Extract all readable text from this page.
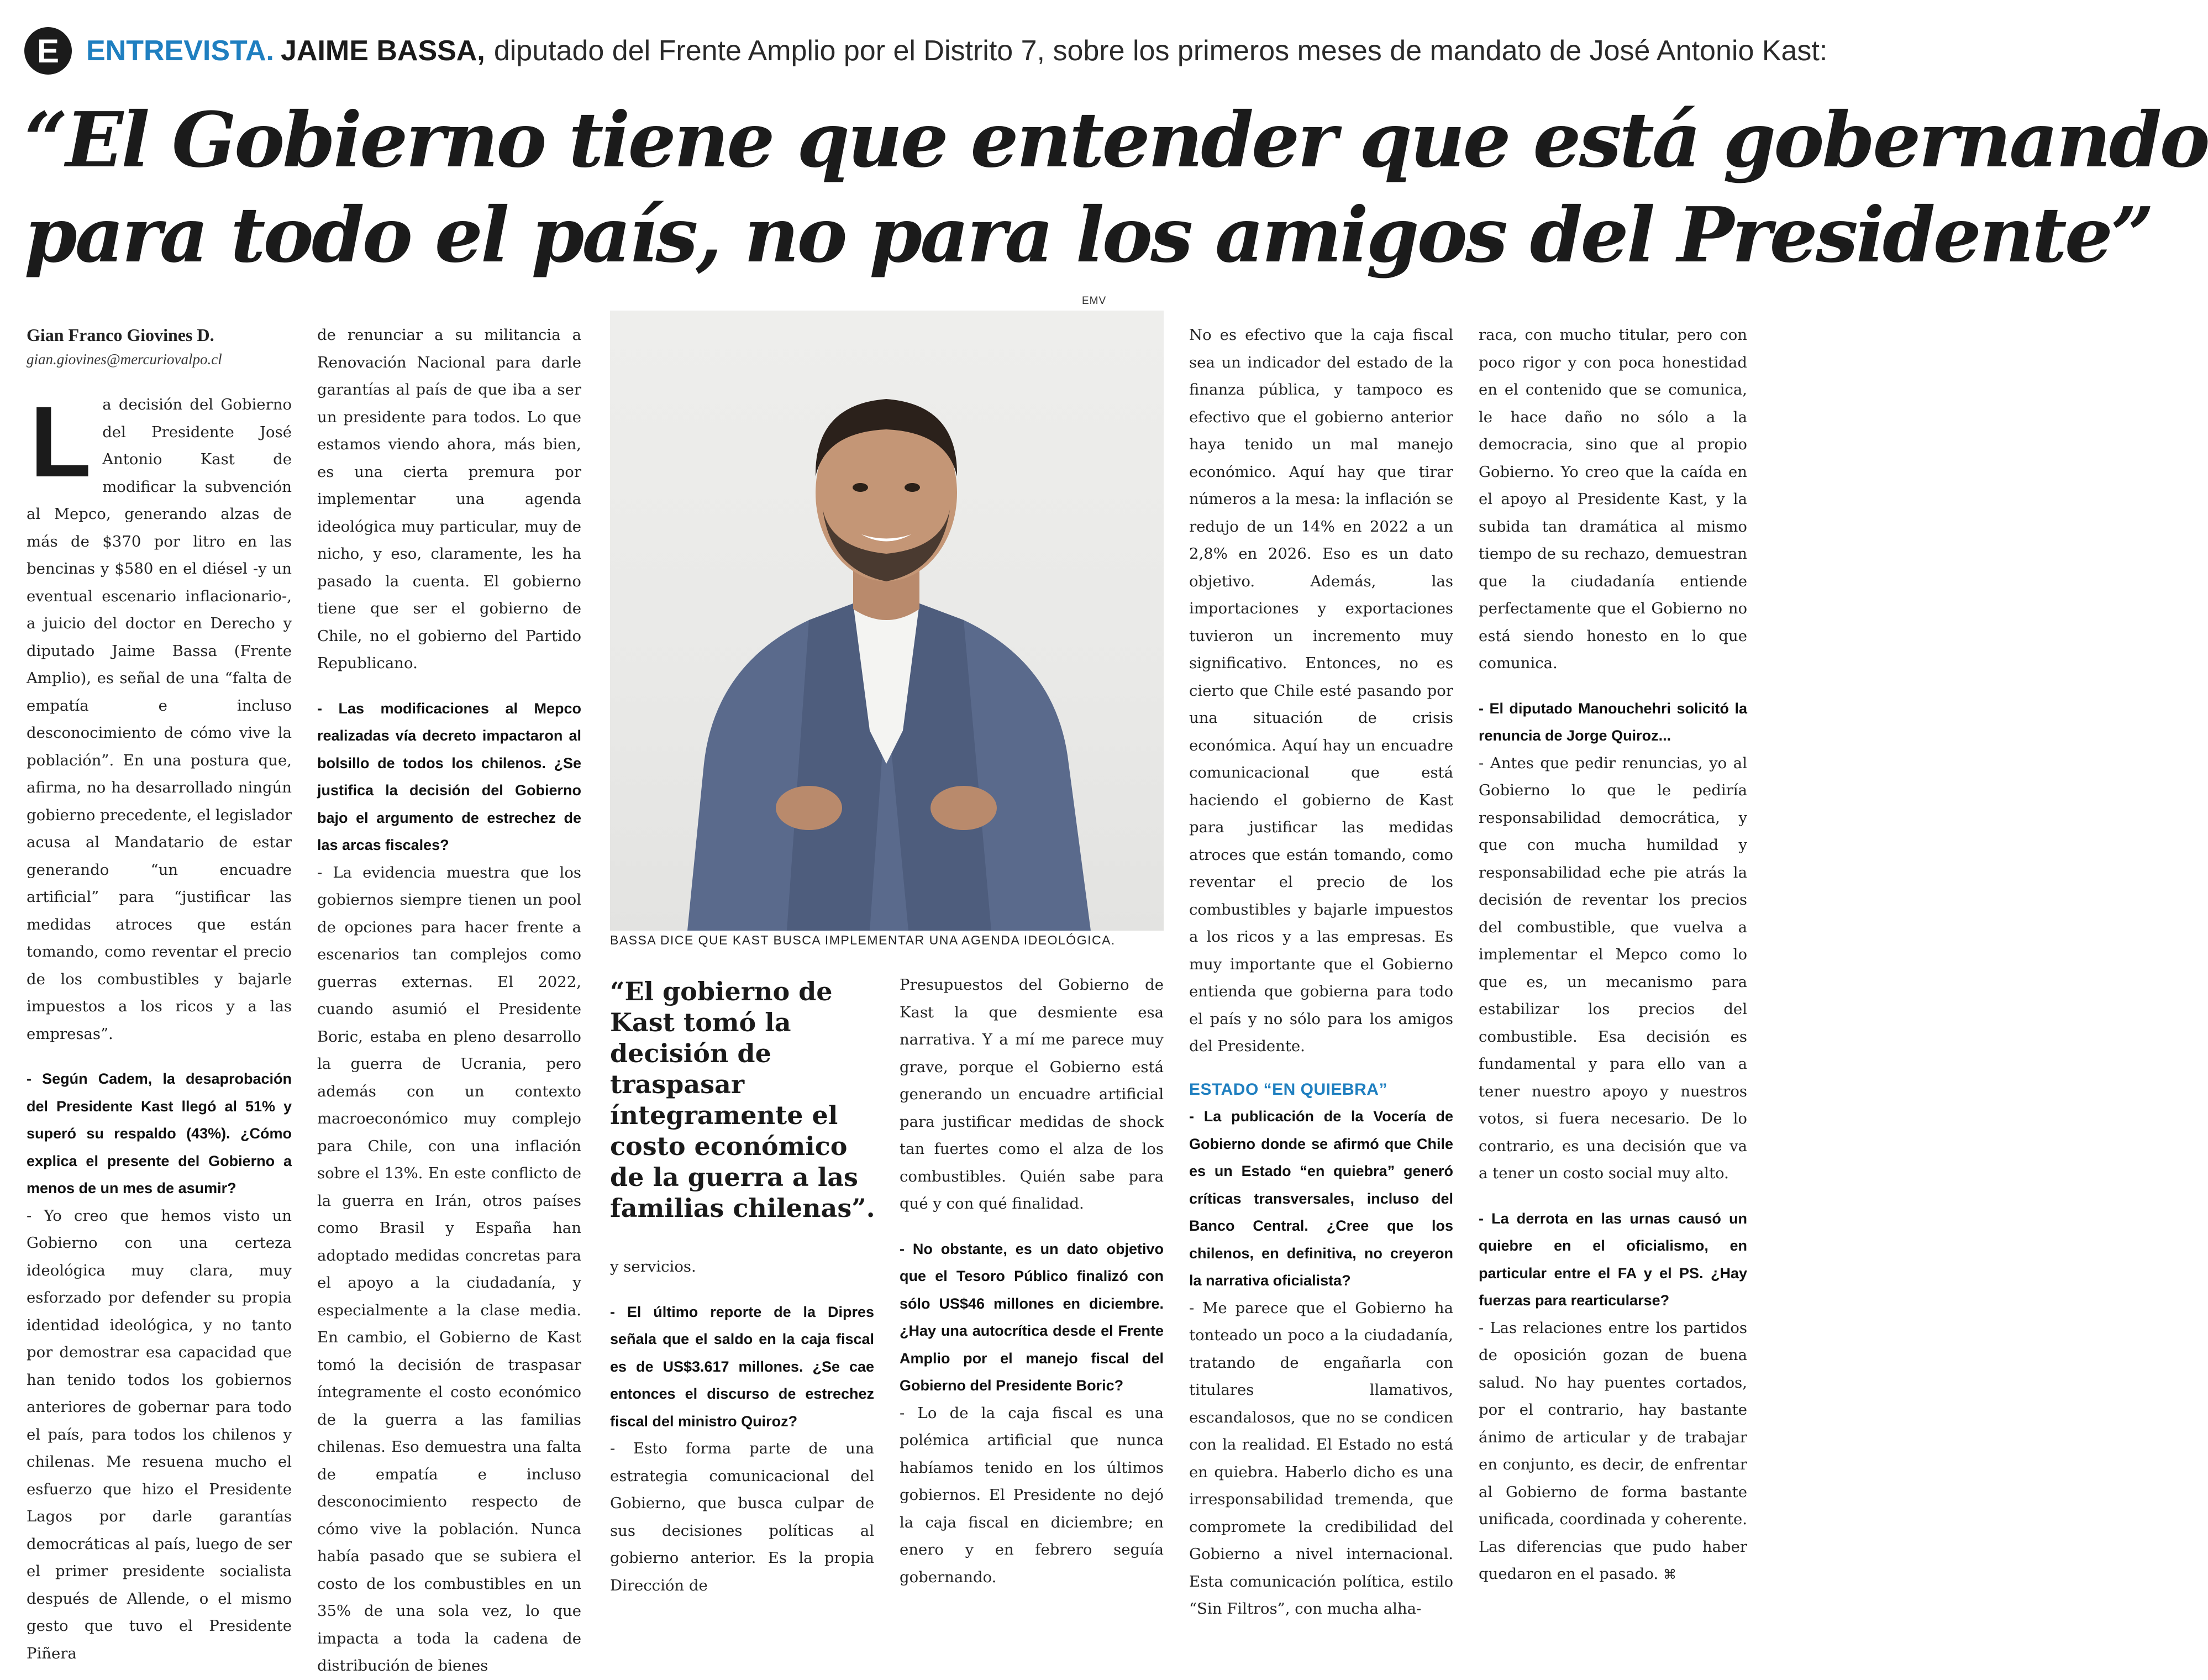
E ENTREVISTA. JAIME BASSA, diputado del Frente Amplio por el Distrito 7, sobre los primeros meses de mandato de José Antonio Kast:
“El Gobierno tiene que entender que está gobernando
para todo el país, no para los amigos del Presidente”
Gian Franco Giovines D.
gian.giovines@mercuriovalpo.cl

La decisión del Gobierno del Presidente José Antonio Kast de modificar la subvención al Mepco, generando alzas de más de $370 por litro en las bencinas y $580 en el diésel -y un eventual escenario inflacionario-, a juicio del doctor en Derecho y diputado Jaime Bassa (Frente Amplio), es señal de una “falta de empatía e incluso desconocimiento de cómo vive la población”. En una postura que, afirma, no ha desarrollado ningún gobierno precedente, el legislador acusa al Mandatario de estar generando “un encuadre artificial” para “justificar las medidas atroces que están tomando, como reventar el precio de los combustibles y bajarle impuestos a los ricos y a las empresas”.

- Según Cadem, la desaprobación del Presidente Kast llegó al 51% y superó su respaldo (43%). ¿Cómo explica el presente del Gobierno a menos de un mes de asumir?

- Yo creo que hemos visto un Gobierno con una certeza ideológica muy clara, muy esforzado por defender su propia identidad ideológica, y no tanto por demostrar esa capacidad que han tenido todos los gobiernos anteriores de gobernar para todo el país, para todos los chilenos y chilenas. Me resuena mucho el esfuerzo que hizo el Presidente Lagos por darle garantías democráticas al país, luego de ser el primer presidente socialista después de Allende, o el mismo gesto que tuvo el Presidente Piñera

de renunciar a su militancia a Renovación Nacional para darle garantías al país de que iba a ser un presidente para todos. Lo que estamos viendo ahora, más bien, es una cierta premura por implementar una agenda ideológica muy particular, muy de nicho, y eso, claramente, les ha pasado la cuenta. El gobierno tiene que ser el gobierno de Chile, no el gobierno del Partido Republicano.

- Las modificaciones al Mepco realizadas vía decreto impactaron al bolsillo de todos los chilenos. ¿Se justifica la decisión del Gobierno bajo el argumento de estrechez de las arcas fiscales?

- La evidencia muestra que los gobiernos siempre tienen un pool de opciones para hacer frente a escenarios tan complejos como guerras externas. El 2022, cuando asumió el Presidente Boric, estaba en pleno desarrollo la guerra de Ucrania, pero además con un contexto macroeconómico muy complejo para Chile, con una inflación sobre el 13%. En este conflicto de la guerra en Irán, otros países como Brasil y España han adoptado medidas concretas para el apoyo a la ciudadanía, y especialmente a la clase media. En cambio, el Gobierno de Kast tomó la decisión de traspasar íntegramente el costo económico de la guerra a las familias chilenas. Eso demuestra una falta de empatía e incluso desconocimiento respecto de cómo vive la población. Nunca había pasado que se subiera el costo de los combustibles en un 35% de una sola vez, lo que impacta a toda la cadena de distribución de bienes

EMV
BASSA DICE QUE KAST BUSCA IMPLEMENTAR UNA AGENDA IDEOLÓGICA.
“El gobierno de Kast tomó la decisión de traspasar íntegramente el costo económico de la guerra a las familias chilenas”.

y servicios.

- El último reporte de la Dipres señala que el saldo en la caja fiscal es de US$3.617 millones. ¿Se cae entonces el discurso de estrechez fiscal del ministro Quiroz?

- Esto forma parte de una estrategia comunicacional del Gobierno, que busca culpar de sus decisiones políticas al gobierno anterior. Es la propia Dirección de

Presupuestos del Gobierno de Kast la que desmiente esa narrativa. Y a mí me parece muy grave, porque el Gobierno está generando un encuadre artificial para justificar medidas de shock tan fuertes como el alza de los combustibles. Quién sabe para qué y con qué finalidad.

- No obstante, es un dato objetivo que el Tesoro Público finalizó con sólo US$46 millones en diciembre. ¿Hay una autocrítica desde el Frente Amplio por el manejo fiscal del Gobierno del Presidente Boric?

- Lo de la caja fiscal es una polémica artificial que nunca habíamos tenido en los últimos gobiernos. El Presidente no dejó la caja fiscal en diciembre; en enero y en febrero seguía gobernando.

No es efectivo que la caja fiscal sea un indicador del estado de la finanza pública, y tampoco es efectivo que el gobierno anterior haya tenido un mal manejo económico. Aquí hay que tirar números a la mesa: la inflación se redujo de un 14% en 2022 a un 2,8% en 2026. Eso es un dato objetivo. Además, las importaciones y exportaciones tuvieron un incremento muy significativo. Entonces, no es cierto que Chile esté pasando por una situación de crisis económica. Aquí hay un encuadre comunicacional que está haciendo el gobierno de Kast para justificar las medidas atroces que están tomando, como reventar el precio de los combustibles y bajarle impuestos a los ricos y a las empresas. Es muy importante que el Gobierno entienda que gobierna para todo el país y no sólo para los amigos del Presidente.

ESTADO “EN QUIEBRA”

- La publicación de la Vocería de Gobierno donde se afirmó que Chile es un Estado “en quiebra” generó críticas transversales, incluso del Banco Central. ¿Cree que los chilenos, en definitiva, no creyeron la narrativa oficialista?

- Me parece que el Gobierno ha tonteado un poco a la ciudadanía, tratando de engañarla con titulares llamativos, escandalosos, que no se condicen con la realidad. El Estado no está en quiebra. Haberlo dicho es una irresponsabilidad tremenda, que compromete la credibilidad del Gobierno a nivel internacional. Esta comunicación política, estilo “Sin Filtros”, con mucha alha-

raca, con mucho titular, pero con poco rigor y con poca honestidad en el contenido que se comunica, le hace daño no sólo a la democracia, sino que al propio Gobierno. Yo creo que la caída en el apoyo al Presidente Kast, y la subida tan dramática al mismo tiempo de su rechazo, demuestran que la ciudadanía entiende perfectamente que el Gobierno no está siendo honesto en lo que comunica.

- El diputado Manouchehri solicitó la renuncia de Jorge Quiroz...

- Antes que pedir renuncias, yo al Gobierno lo que le pediría responsabilidad democrática, y que con mucha humildad y responsabilidad eche pie atrás la decisión de reventar los precios del combustible, que vuelva a implementar el Mepco como lo que es, un mecanismo para estabilizar los precios del combustible. Esa decisión es fundamental y para ello van a tener nuestro apoyo y nuestros votos, si fuera necesario. De lo contrario, es una decisión que va a tener un costo social muy alto.

- La derrota en las urnas causó un quiebre en el oficialismo, en particular entre el FA y el PS. ¿Hay fuerzas para rearticularse?

- Las relaciones entre los partidos de oposición gozan de buena salud. No hay puentes cortados, por el contrario, hay bastante ánimo de articular y de trabajar en conjunto, es decir, de enfrentar al Gobierno de forma bastante unificada, coordinada y coherente. Las diferencias que pudo haber quedaron en el pasado. ⌘
